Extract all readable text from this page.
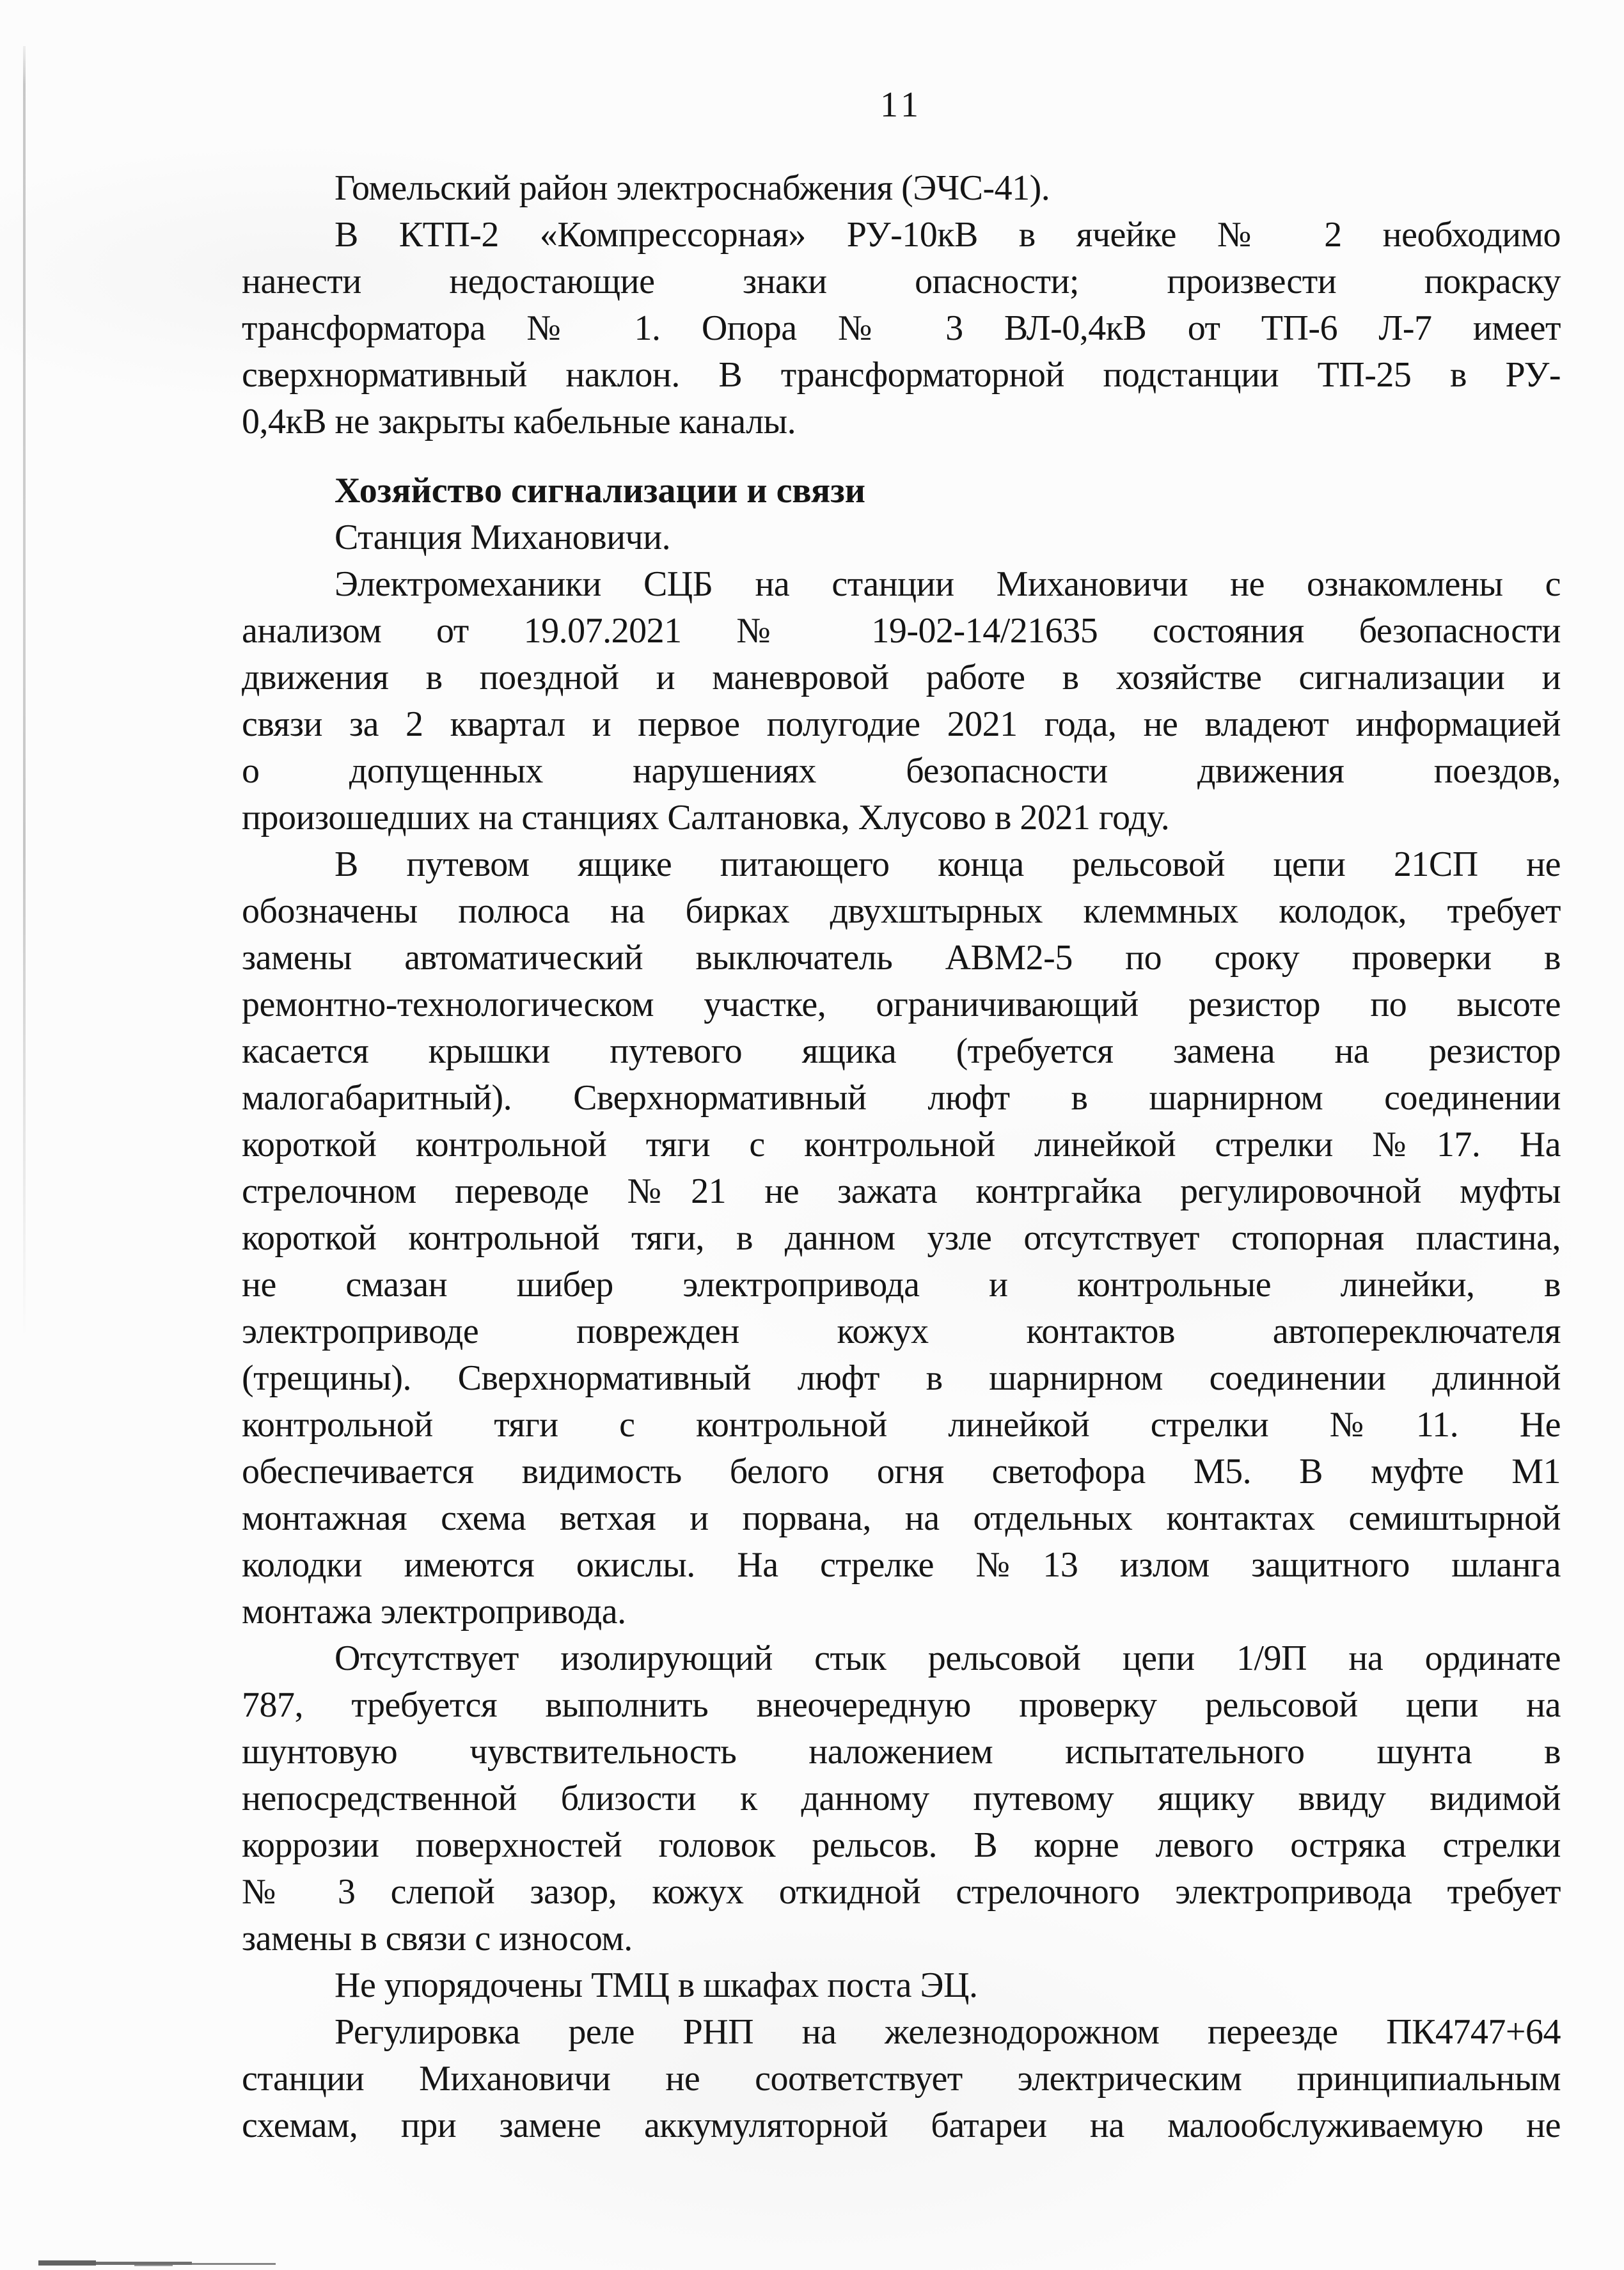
11
Гомельский район электроснабжения (ЭЧС-41).
В КТП-2 «Компрессорная» РУ-10кВ в ячейке № 2 необходимо
нанести недостающие знаки опасности; произвести покраску
трансформатора № 1. Опора № 3 ВЛ-0,4кВ от ТП-6 Л-7 имеет
сверхнормативный наклон. В трансформаторной подстанции ТП-25 в РУ-
0,4кВ не закрыты кабельные каналы.
Хозяйство сигнализации и связи
Станция Михановичи.
Электромеханики СЦБ на станции Михановичи не ознакомлены с
анализом от 19.07.2021 № 19-02-14/21635 состояния безопасности
движения в поездной и маневровой работе в хозяйстве сигнализации и
связи за 2 квартал и первое полугодие 2021 года, не владеют информацией
о допущенных нарушениях безопасности движения поездов,
произошедших на станциях Салтановка, Хлусово в 2021 году.
В путевом ящике питающего конца рельсовой цепи 21СП не
обозначены полюса на бирках двухштырных клеммных колодок, требует
замены автоматический выключатель АВМ2-5 по сроку проверки в
ремонтно-технологическом участке, ограничивающий резистор по высоте
касается крышки путевого ящика (требуется замена на резистор
малогабаритный). Сверхнормативный люфт в шарнирном соединении
короткой контрольной тяги с контрольной линейкой стрелки №17. На
стрелочном переводе №21 не зажата контргайка регулировочной муфты
короткой контрольной тяги, в данном узле отсутствует стопорная пластина,
не смазан шибер электропривода и контрольные линейки, в
электроприводе поврежден кожух контактов автопереключателя
(трещины). Сверхнормативный люфт в шарнирном соединении длинной
контрольной тяги с контрольной линейкой стрелки №11. Не
обеспечивается видимость белого огня светофора М5. В муфте М1
монтажная схема ветхая и порвана, на отдельных контактах семиштырной
колодки имеются окислы. На стрелке №13 излом защитного шланга
монтажа электропривода.
Отсутствует изолирующий стык рельсовой цепи 1/9П на ординате
787, требуется выполнить внеочередную проверку рельсовой цепи на
шунтовую чувствительность наложением испытательного шунта в
непосредственной близости к данному путевому ящику ввиду видимой
коррозии поверхностей головок рельсов. В корне левого остряка стрелки
№ 3 слепой зазор, кожух откидной стрелочного электропривода требует
замены в связи с износом.
Не упорядочены ТМЦ в шкафах поста ЭЦ.
Регулировка реле РНП на железнодорожном переезде ПК4747+64
станции Михановичи не соответствует электрическим принципиальным
схемам, при замене аккумуляторной батареи на малообслуживаемую не
